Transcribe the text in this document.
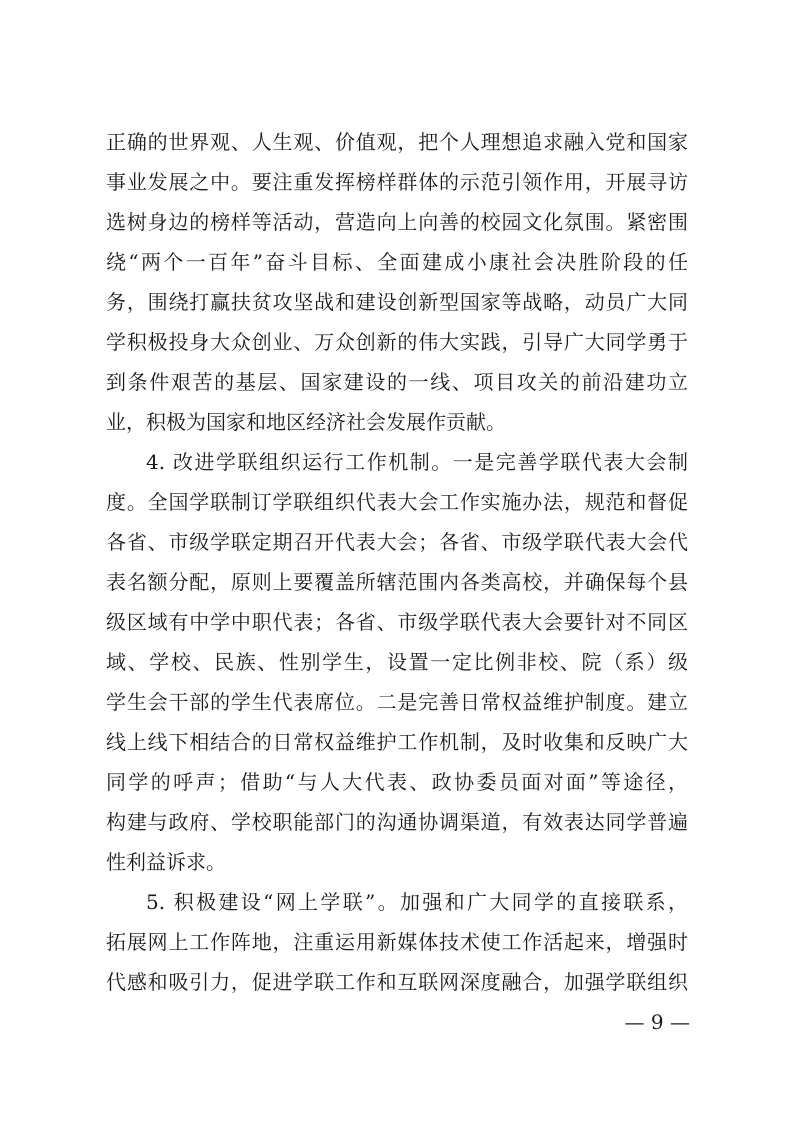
正确的世界观、人生观、价值观，把个人理想追求融入党和国家
事业发展之中。要注重发挥榜样群体的示范引领作用，开展寻访
选树身边的榜样等活动，营造向上向善的校园文化氛围。紧密围
绕“两个一百年”奋斗目标、全面建成小康社会决胜阶段的任
务，围绕打赢扶贫攻坚战和建设创新型国家等战略，动员广大同
学积极投身大众创业、万众创新的伟大实践，引导广大同学勇于
到条件艰苦的基层、国家建设的一线、项目攻关的前沿建功立
业，积极为国家和地区经济社会发展作贡献。
4. 改进学联组织运行工作机制。一是完善学联代表大会制
度。全国学联制订学联组织代表大会工作实施办法，规范和督促
各省、市级学联定期召开代表大会；各省、市级学联代表大会代
表名额分配，原则上要覆盖所辖范围内各类高校，并确保每个县
级区域有中学中职代表；各省、市级学联代表大会要针对不同区
域、学校、民族、性别学生，设置一定比例非校、院（系）级
学生会干部的学生代表席位。二是完善日常权益维护制度。建立
线上线下相结合的日常权益维护工作机制，及时收集和反映广大
同学的呼声；借助“与人大代表、政协委员面对面”等途径，
构建与政府、学校职能部门的沟通协调渠道，有效表达同学普遍
性利益诉求。
5. 积极建设“网上学联”。加强和广大同学的直接联系，
拓展网上工作阵地，注重运用新媒体技术使工作活起来，增强时
代感和吸引力，促进学联工作和互联网深度融合，加强学联组织
— 9 —
